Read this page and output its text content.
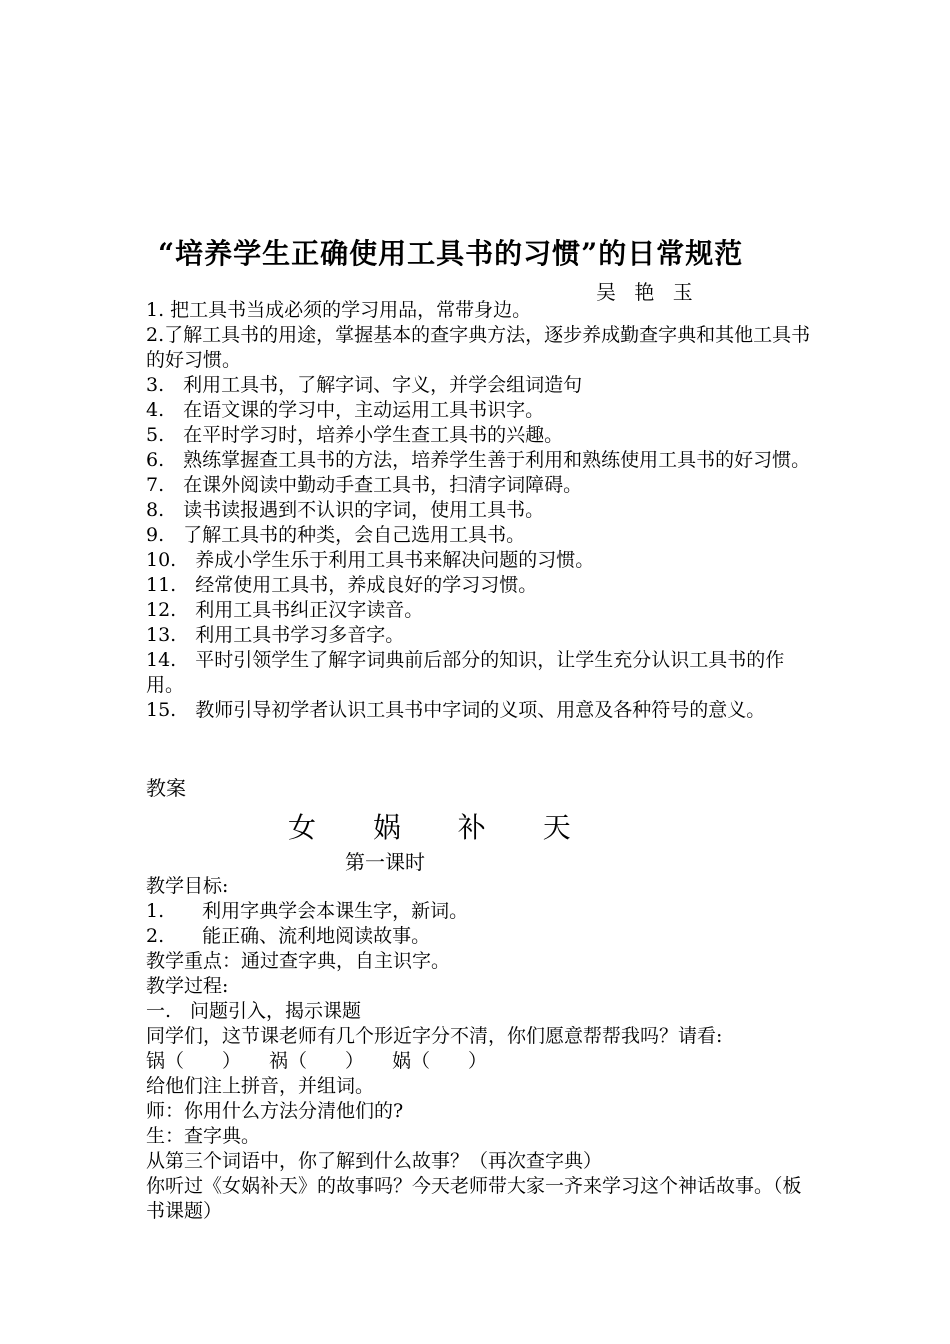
“培养学生正确使用工具书的习惯”的日常规范
吴 艳 玉

1. 把工具书当成必须的学习用品，常带身边。

2.了解工具书的用途，掌握基本的查字典方法，逐步养成勤查字典和其他工具书的好习惯。

3.　利用工具书，了解字词、字义，并学会组词造句

4.　在语文课的学习中，主动运用工具书识字。

5.　在平时学习时，培养小学生查工具书的兴趣。

6.　熟练掌握查工具书的方法，培养学生善于利用和熟练使用工具书的好习惯。

7.　在课外阅读中勤动手查工具书，扫清字词障碍。

8.　读书读报遇到不认识的字词，使用工具书。

9.　了解工具书的种类，会自己选用工具书。

10.　养成小学生乐于利用工具书来解决问题的习惯。

11.　经常使用工具书，养成良好的学习习惯。

12.　利用工具书纠正汉字读音。

13.　利用工具书学习多音字。

14.　平时引领学生了解字词典前后部分的知识，让学生充分认识工具书的作用。

15.　教师引导初学者认识工具书中字词的义项、用意及各种符号的意义。

教案
女 娲 补 天
第一课时

教学目标:

1.　　利用字典学会本课生字，新词。

2.　　能正确、流利地阅读故事。

教学重点：通过查字典，自主识字。

教学过程:

一.　问题引入，揭示课题

同学们，这节课老师有几个形近字分不清，你们愿意帮帮我吗？请看:

锅（　　） 祸（　　） 娲（　　）

给他们注上拼音，并组词。

师：你用什么方法分清他们的?

生：查字典。

从第三个词语中，你了解到什么故事？（再次查字典）

你听过《女娲补天》的故事吗？今天老师带大家一齐来学习这个神话故事。（板书课题）
